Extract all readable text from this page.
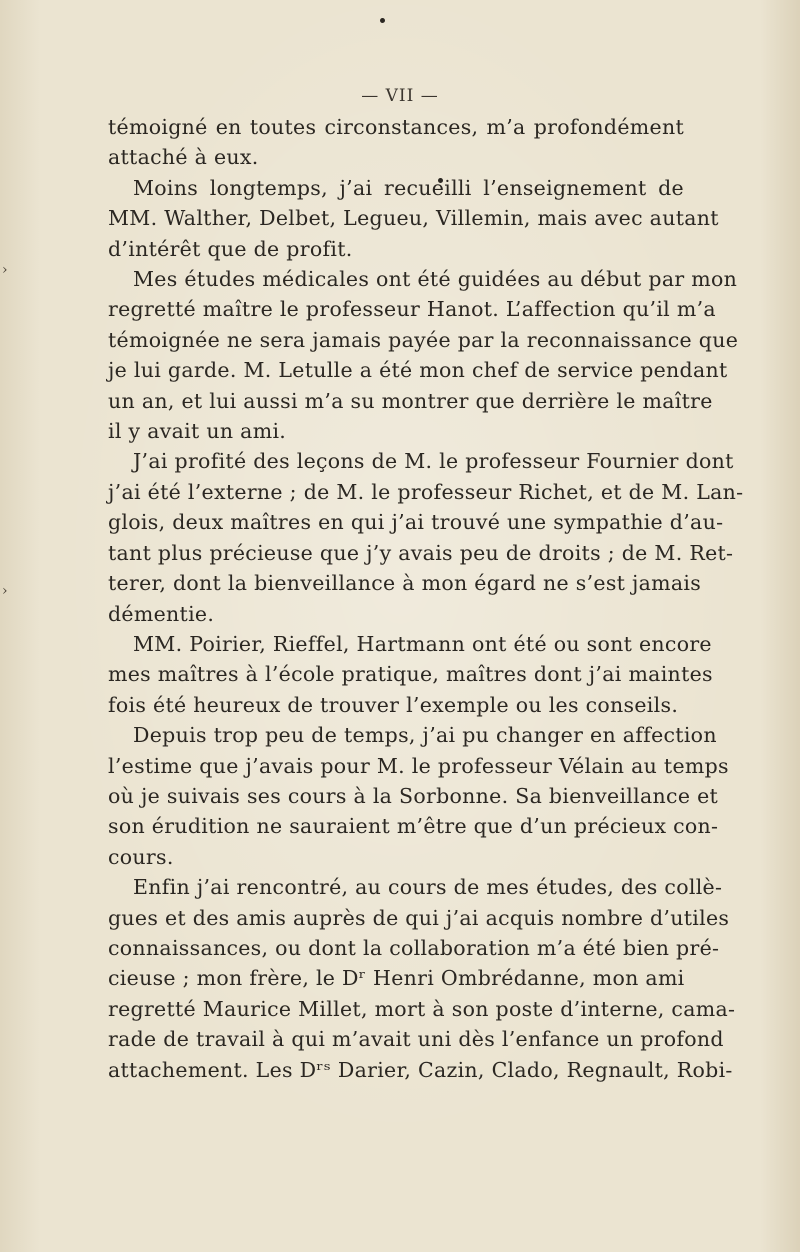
— VII —
›
›
témoigné en toutes circonstances, m’a profondément
attaché à eux.
Moins longtemps, j’ai recueilli l’enseignement de
MM. Walther, Delbet, Legueu, Villemin, mais avec autant
d’intérêt que de profit.
Mes études médicales ont été guidées au début par mon
regretté maître le professeur Hanot. L’affection qu’il m’a
témoignée ne sera jamais payée par la reconnaissance que
je lui garde. M. Letulle a été mon chef de service pendant
un an, et lui aussi m’a su montrer que derrière le maître
il y avait un ami.
J’ai profité des leçons de M. le professeur Fournier dont
j’ai été l’externe ; de M. le professeur Richet, et de M. Lan-
glois, deux maîtres en qui j’ai trouvé une sympathie d’au-
tant plus précieuse que j’y avais peu de droits ; de M. Ret-
terer, dont la bienveillance à mon égard ne s’est jamais
démentie.
MM. Poirier, Rieffel, Hartmann ont été ou sont encore
mes maîtres à l’école pratique, maîtres dont j’ai maintes
fois été heureux de trouver l’exemple ou les conseils.
Depuis trop peu de temps, j’ai pu changer en affection
l’estime que j’avais pour M. le professeur Vélain au temps
où je suivais ses cours à la Sorbonne. Sa bienveillance et
son érudition ne sauraient m’être que d’un précieux con-
cours.
Enfin j’ai rencontré, au cours de mes études, des collè-
gues et des amis auprès de qui j’ai acquis nombre d’utiles
connaissances, ou dont la collaboration m’a été bien pré-
cieuse ; mon frère, le Dʳ Henri Ombrédanne, mon ami
regretté Maurice Millet, mort à son poste d’interne, cama-
rade de travail à qui m’avait uni dès l’enfance un profond
attachement. Les Dʳˢ Darier, Cazin, Clado, Regnault, Robi-
